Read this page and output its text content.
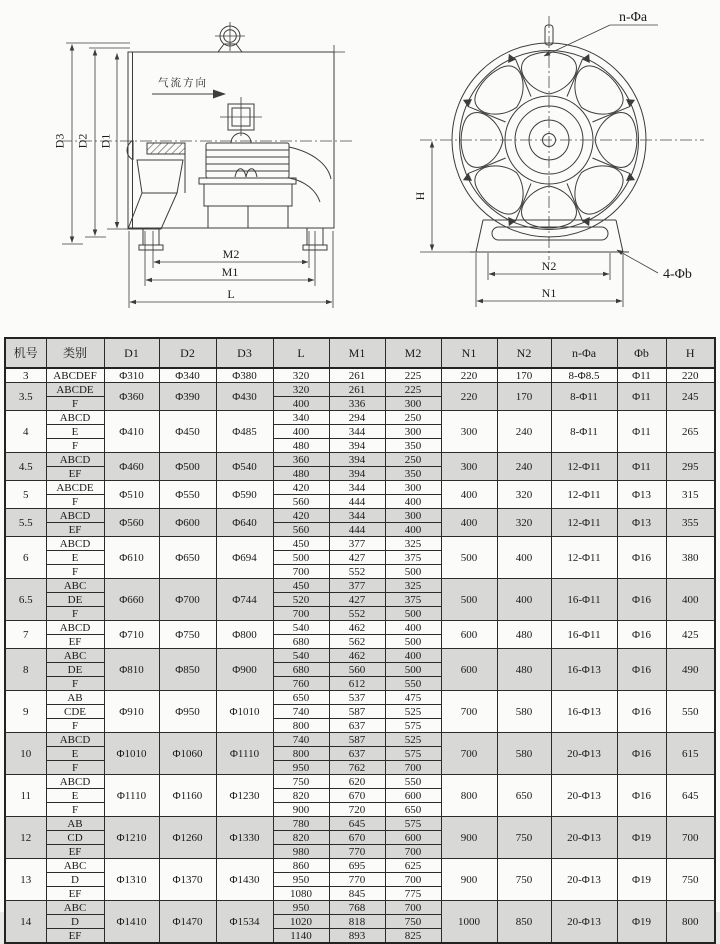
气流方向
D3 D2 D1
M2
M1
L
H
N2
N1
n-Φa
4-Φb
机号	类别	D1	D2	D3	L	M1	M2	N1	N2	n-Φa	Φb	H
3	ABCDEF	Φ310	Φ340	Φ380	320	261	225	220	170	8-Φ8.5	Φ11	220
3.5	ABCDE	Φ360	Φ390	Φ430	320	261	225	220	170	8-Φ11	Φ11	245
	F				400	336	300					
4	ABCD	Φ410	Φ450	Φ485	340	294	250	300	240	8-Φ11	Φ11	265
	E				400	344	300					
	F				480	394	350					
4.5	ABCD	Φ460	Φ500	Φ540	360	394	250	300	240	12-Φ11	Φ11	295
	EF				480	394	350					
5	ABCDE	Φ510	Φ550	Φ590	420	344	300	400	320	12-Φ11	Φ13	315
	F				560	444	400					
5.5	ABCD	Φ560	Φ600	Φ640	420	344	300	400	320	12-Φ11	Φ13	355
	EF				560	444	400					
6	ABCD	Φ610	Φ650	Φ694	450	377	325	500	400	12-Φ11	Φ16	380
	E				500	427	375					
	F				700	552	500					
6.5	ABC	Φ660	Φ700	Φ744	450	377	325	500	400	16-Φ11	Φ16	400
	DE				520	427	375					
	F				700	552	500					
7	ABCD	Φ710	Φ750	Φ800	540	462	400	600	480	16-Φ11	Φ16	425
	EF				680	562	500					
8	ABC	Φ810	Φ850	Φ900	540	462	400	600	480	16-Φ13	Φ16	490
	DE				680	560	500					
	F				760	612	550					
9	AB	Φ910	Φ950	Φ1010	650	537	475	700	580	16-Φ13	Φ16	550
	CDE				740	587	525					
	F				800	637	575					
10	ABCD	Φ1010	Φ1060	Φ1110	740	587	525	700	580	20-Φ13	Φ16	615
	E				800	637	575					
	F				950	762	700					
11	ABCD	Φ1110	Φ1160	Φ1230	750	620	550	800	650	20-Φ13	Φ16	645
	E				820	670	600					
	F				900	720	650					
12	AB	Φ1210	Φ1260	Φ1330	780	645	575	900	750	20-Φ13	Φ19	700
	CD				820	670	600					
	EF				980	770	700					
13	ABC	Φ1310	Φ1370	Φ1430	860	695	625	900	750	20-Φ13	Φ19	750
	D				950	770	700					
	EF				1080	845	775					
14	ABC	Φ1410	Φ1470	Φ1534	950	768	700	1000	850	20-Φ13	Φ19	800
	D				1020	818	750					
	EF				1140	893	825					
